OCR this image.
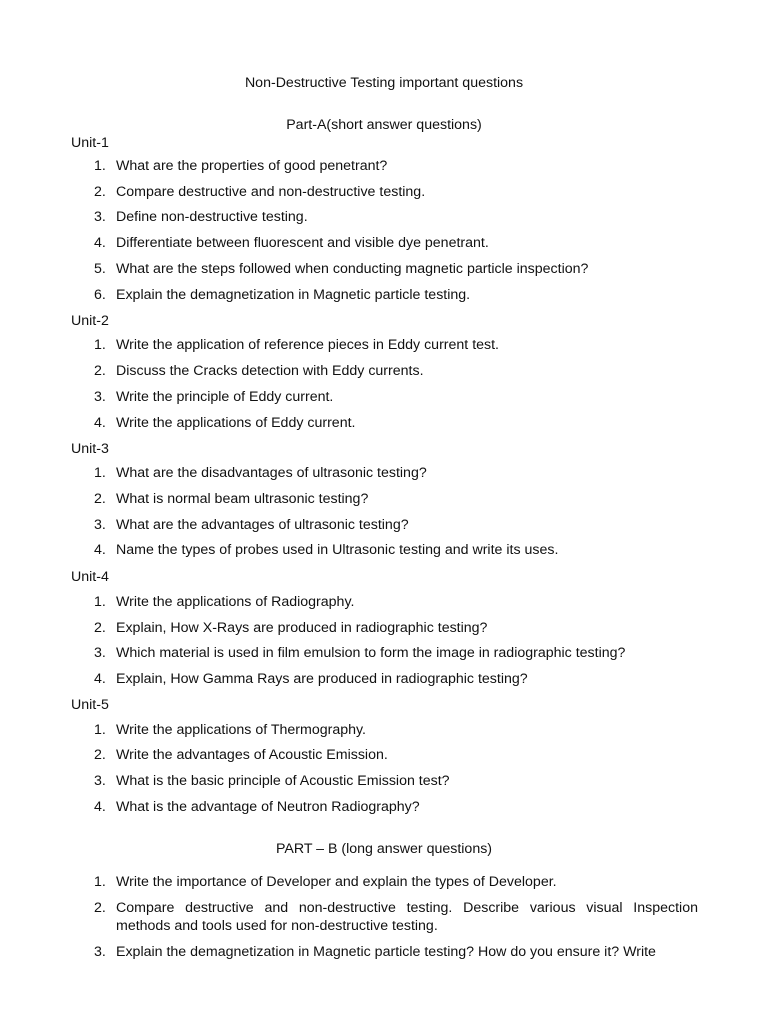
Non-Destructive Testing important questions
Part-A(short answer questions)
Unit-1
1. What are the properties of good penetrant?
2. Compare destructive and non-destructive testing.
3. Define non-destructive testing.
4. Differentiate between fluorescent and visible dye penetrant.
5. What are the steps followed when conducting magnetic particle inspection?
6. Explain the demagnetization in Magnetic particle testing.
Unit-2
1. Write the application of reference pieces in Eddy current test.
2. Discuss the Cracks detection with Eddy currents.
3. Write the principle of Eddy current.
4. Write the applications of Eddy current.
Unit-3
1. What are the disadvantages of ultrasonic testing?
2. What is normal beam ultrasonic testing?
3. What are the advantages of ultrasonic testing?
4. Name the types of probes used in Ultrasonic testing and write its uses.
Unit-4
1. Write the applications of Radiography.
2. Explain, How X-Rays are produced in radiographic testing?
3. Which material is used in film emulsion to form the image in radiographic testing?
4. Explain, How Gamma Rays are produced in radiographic testing?
Unit-5
1. Write the applications of Thermography.
2. Write the advantages of Acoustic Emission.
3. What is the basic principle of Acoustic Emission test?
4. What is the advantage of Neutron Radiography?
PART – B (long answer questions)
1. Write the importance of Developer and explain the types of Developer.
2. Compare destructive and non-destructive testing. Describe various visual Inspection methods and tools used for non-destructive testing.
3. Explain the demagnetization in Magnetic particle testing? How do you ensure it? Write
